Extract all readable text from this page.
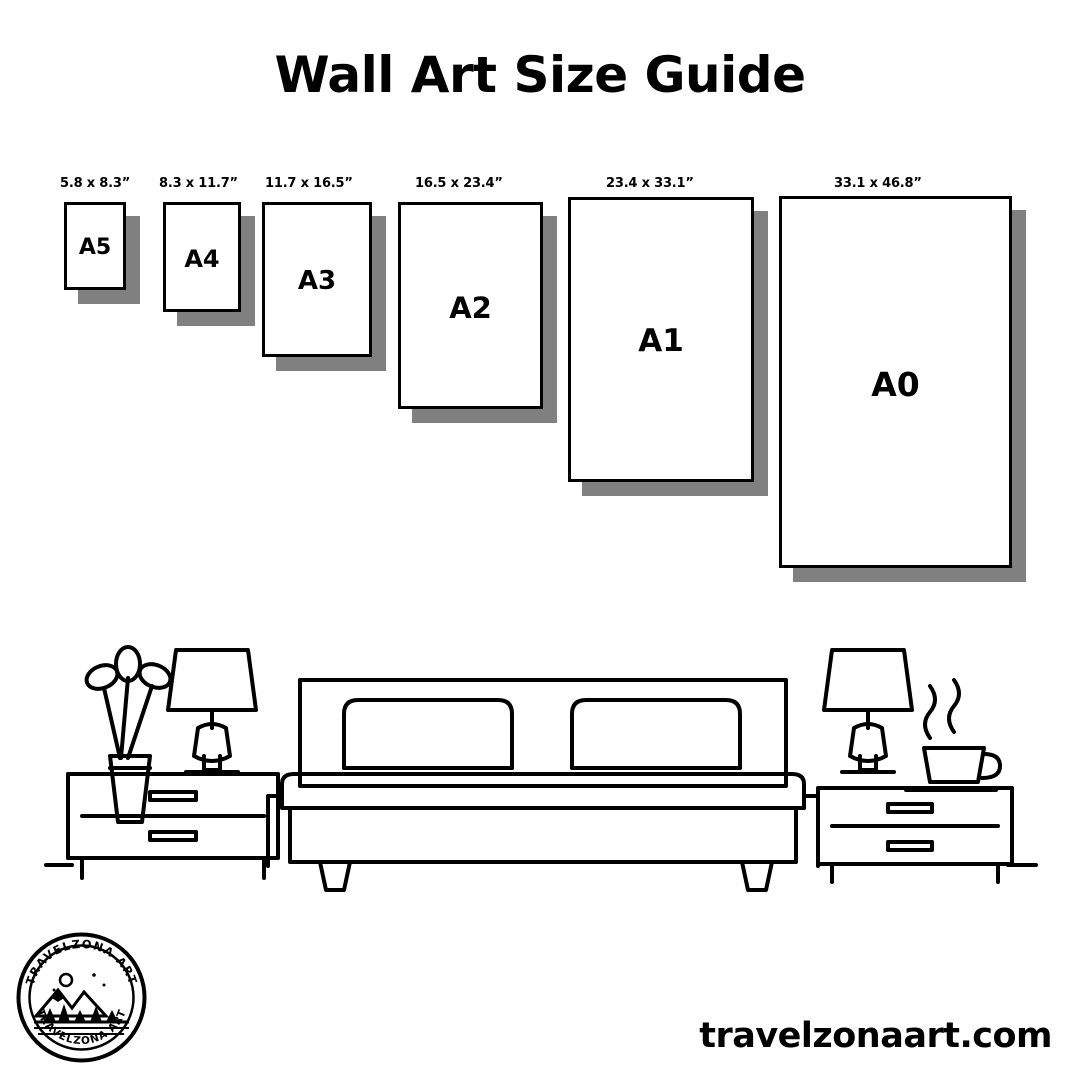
Wall Art Size Guide
5.8 x 8.3”
A5
8.3 x 11.7”
A4
11.7 x 16.5”
A3
16.5 x 23.4”
A2
23.4 x 33.1”
A1
33.1 x 46.8”
A0
TRAVELZONA ART
TRAVELZONA ART
travelzonaart.com
